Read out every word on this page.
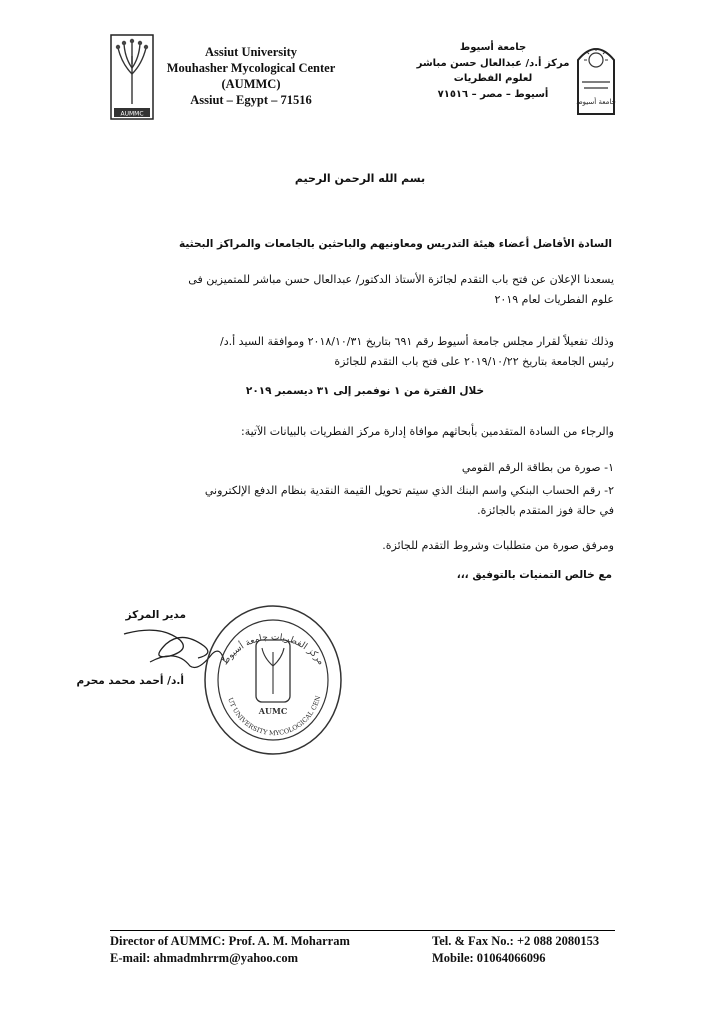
AUMMC
Assiut University
Mouhasher Mycological Center
(AUMMC)
Assiut – Egypt – 71516
جامعة أسيوط
مركز أ.د/ عبدالعال حسن مباشر
لعلوم الفطريات
أسيوط – مصر – ٧١٥١٦
جامعة أسيوط
بسم الله الرحمن الرحيم
السادة الأفاضل أعضاء هيئة التدريس ومعاونيهم والباحثين بالجامعات والمراكز البحثية
يسعدنا الإعلان عن فتح باب التقدم لجائزة الأستاذ الدكتور/ عبدالعال حسن مباشر للمتميزين فى
علوم الفطريات لعام ٢٠١٩
وذلك تفعيلاً لقرار مجلس جامعة أسيوط رقم ٦٩١ بتاريخ ٢٠١٨/١٠/٣١ وموافقة السيد أ.د/
رئيس الجامعة بتاريخ ٢٠١٩/١٠/٢٢ على فتح باب التقدم للجائزة
خلال الفترة من ١ نوفمبر إلى ٣١ ديسمبر ٢٠١٩
والرجاء من السادة المتقدمين بأبحاثهم موافاة إدارة مركز الفطريات بالبيانات الآتية:
١- صورة من بطاقة الرقم القومي
٢- رقم الحساب البنكي واسم البنك الذي سيتم تحويل القيمة النقدية بنظام الدفع الإلكتروني
في حالة فوز المتقدم بالجائزة.
ومرفق صورة من متطلبات وشروط التقدم للجائزة.
مع خالص التمنيات بالتوفيق ،،،
مدير المركز
أ.د/ أحمد محمد محرم
مركز الفطريات جامعة أسيوط
UT UNIVERSITY MYCOLOGICAL CEN
AUMC
Director of AUMMC: Prof. A. M. Moharram
E-mail: ahmadmhrrm@yahoo.com
Tel. & Fax No.: +2 088 2080153
Mobile: 01064066096
